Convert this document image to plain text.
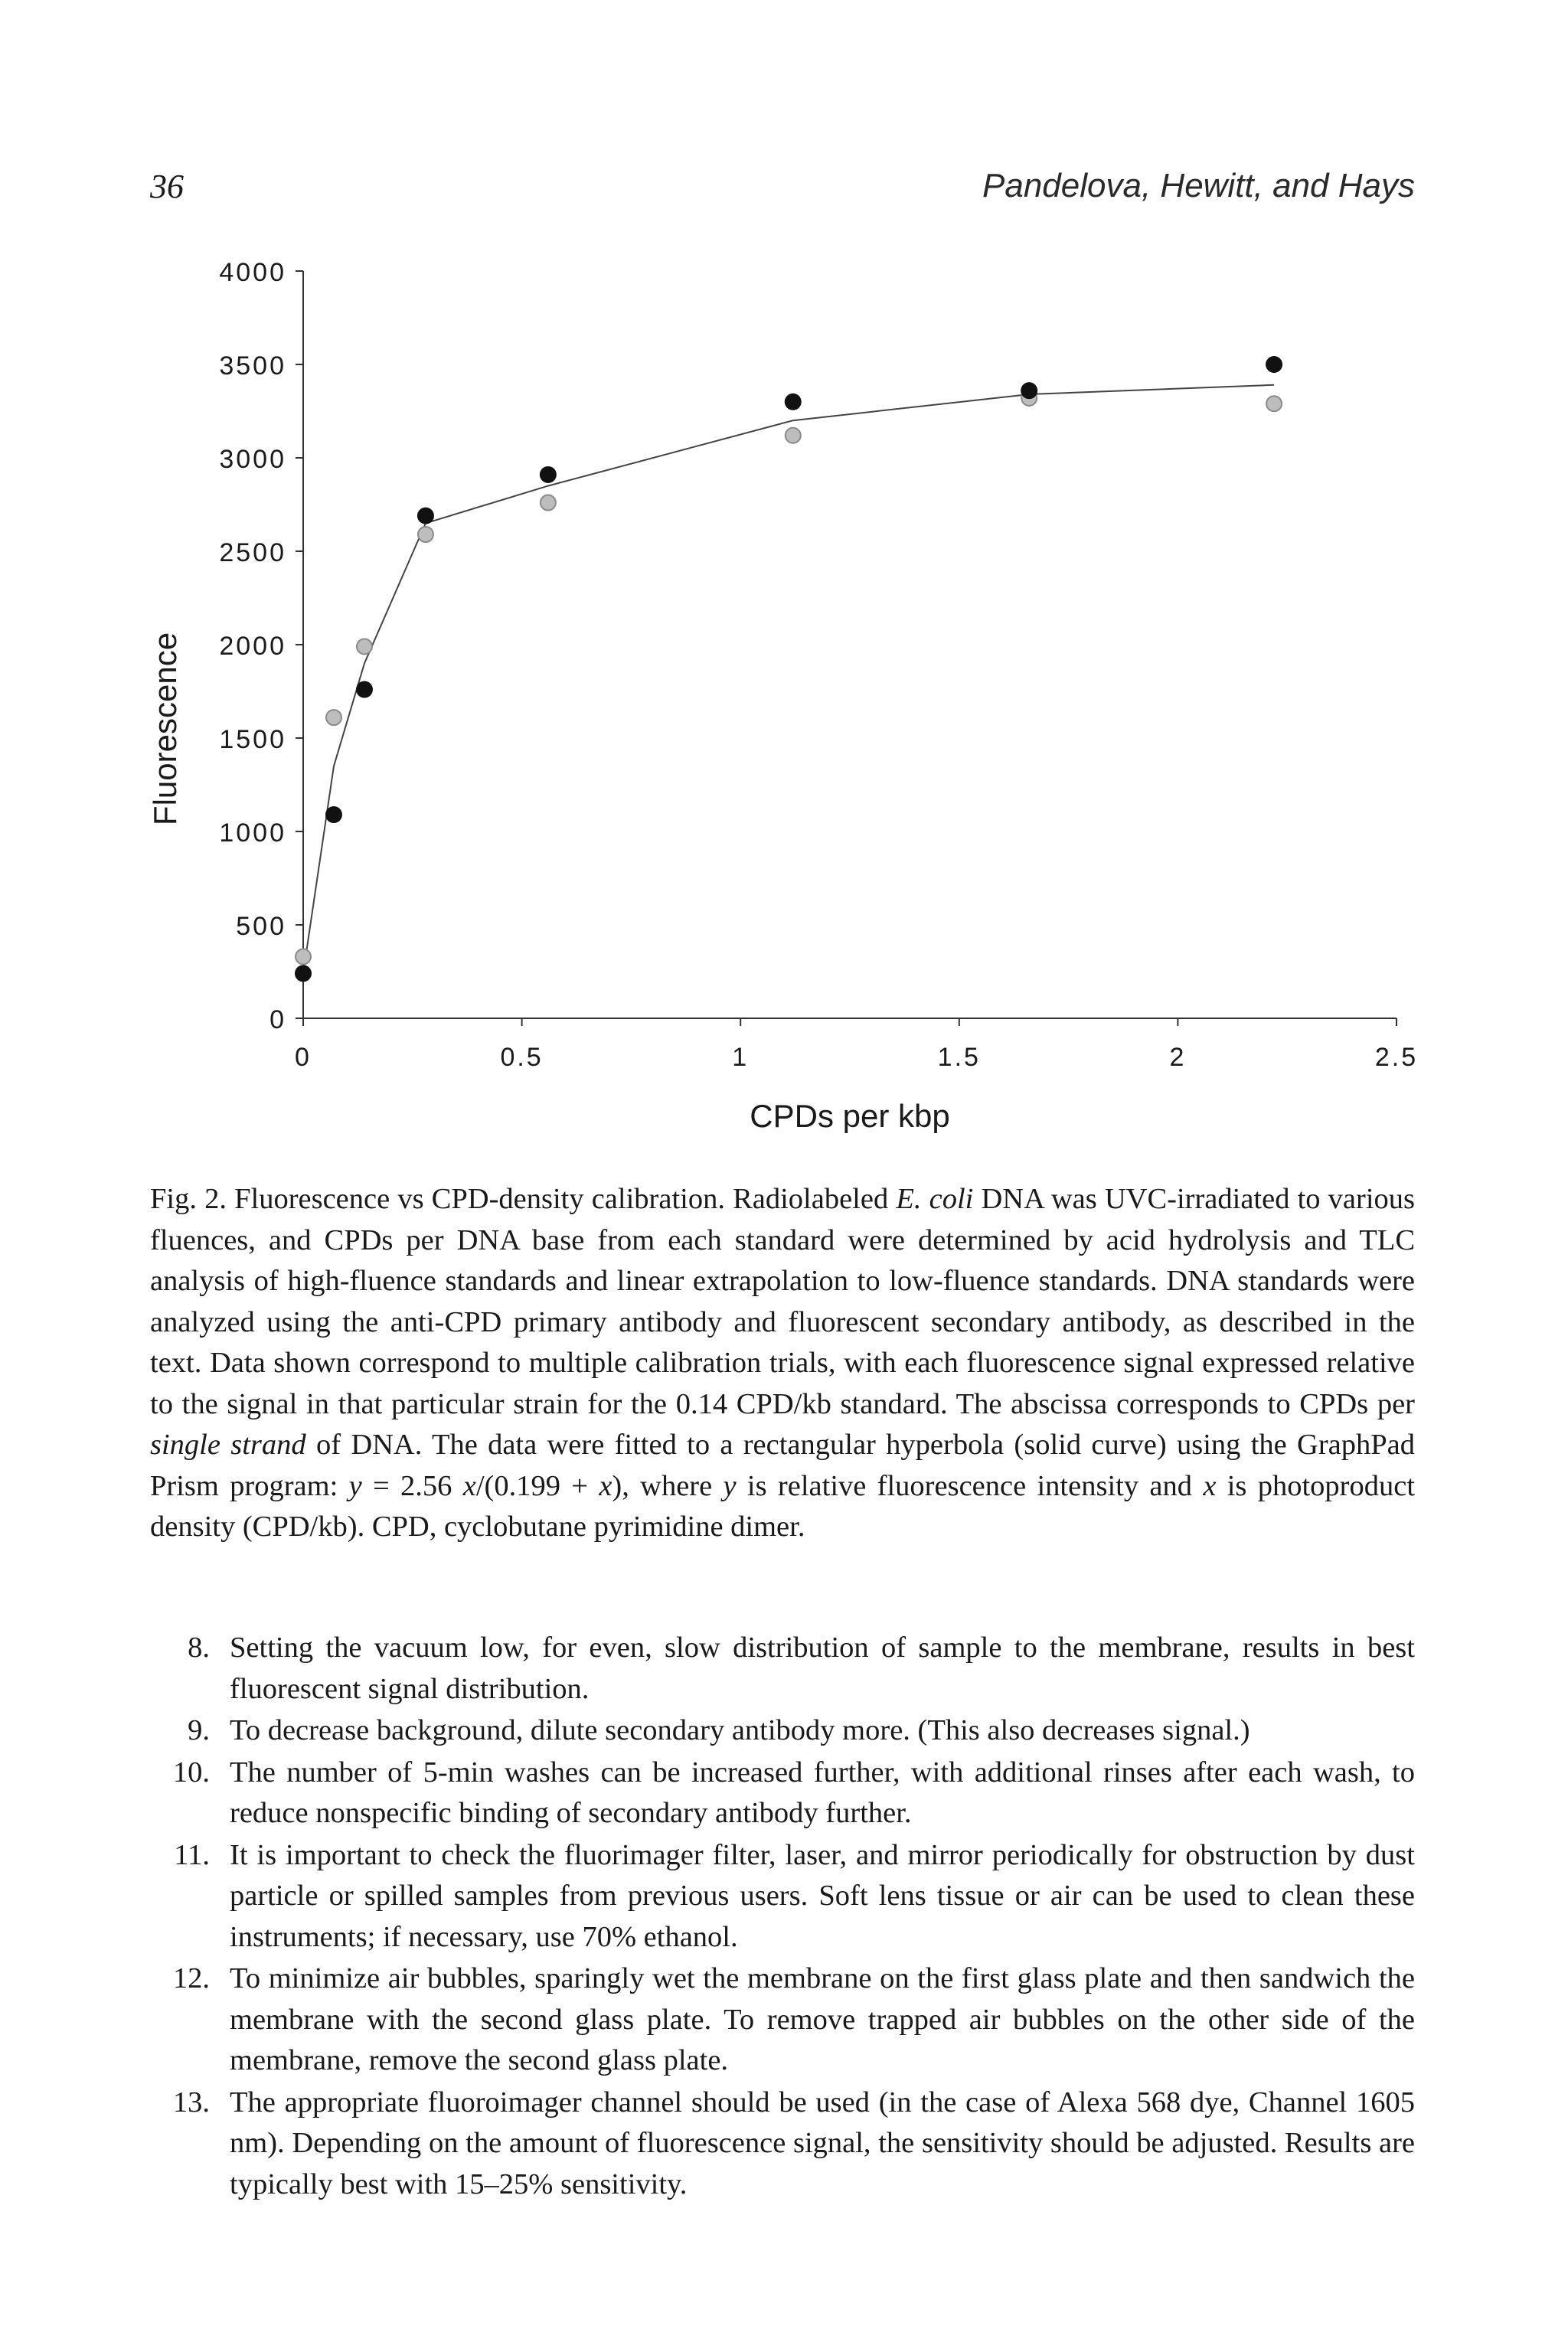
36	Pandelova, Hewitt, and Hays
0
500
1000
1500
2000
2500
3000
3500
4000
0	0.5	1	1.5	2	2.5
CPDs per kbp
Fluorescence

Fig. 2. Fluorescence vs CPD-density calibration. Radiolabeled E. coli DNA was UVC-irradiated to various fluences, and CPDs per DNA base from each standard were determined by acid hydrolysis and TLC analysis of high-fluence standards and linear extrapolation to low-fluence standards. DNA standards were analyzed using the anti-CPD primary antibody and fluorescent secondary antibody, as described in the text. Data shown correspond to multiple calibration trials, with each fluorescence signal expressed relative to the signal in that particular strain for the 0.14 CPD/kb standard. The abscissa corresponds to CPDs per single strand of DNA. The data were fitted to a rectangular hyperbola (solid curve) using the GraphPad Prism program: y = 2.56 x/(0.199 + x), where y is relative fluorescence intensity and x is photoproduct density (CPD/kb). CPD, cyclobutane pyrimidine dimer.

8. Setting the vacuum low, for even, slow distribution of sample to the membrane, results in best fluorescent signal distribution.
9. To decrease background, dilute secondary antibody more. (This also decreases signal.)
10. The number of 5-min washes can be increased further, with additional rinses after each wash, to reduce nonspecific binding of secondary antibody further.
11. It is important to check the fluorimager filter, laser, and mirror periodically for obstruction by dust particle or spilled samples from previous users. Soft lens tissue or air can be used to clean these instruments; if necessary, use 70% ethanol.
12. To minimize air bubbles, sparingly wet the membrane on the first glass plate and then sandwich the membrane with the second glass plate. To remove trapped air bubbles on the other side of the membrane, remove the second glass plate.
13. The appropriate fluoroimager channel should be used (in the case of Alexa 568 dye, Channel 1605 nm). Depending on the amount of fluorescence signal, the sensitivity should be adjusted. Results are typically best with 15–25% sensitivity.
